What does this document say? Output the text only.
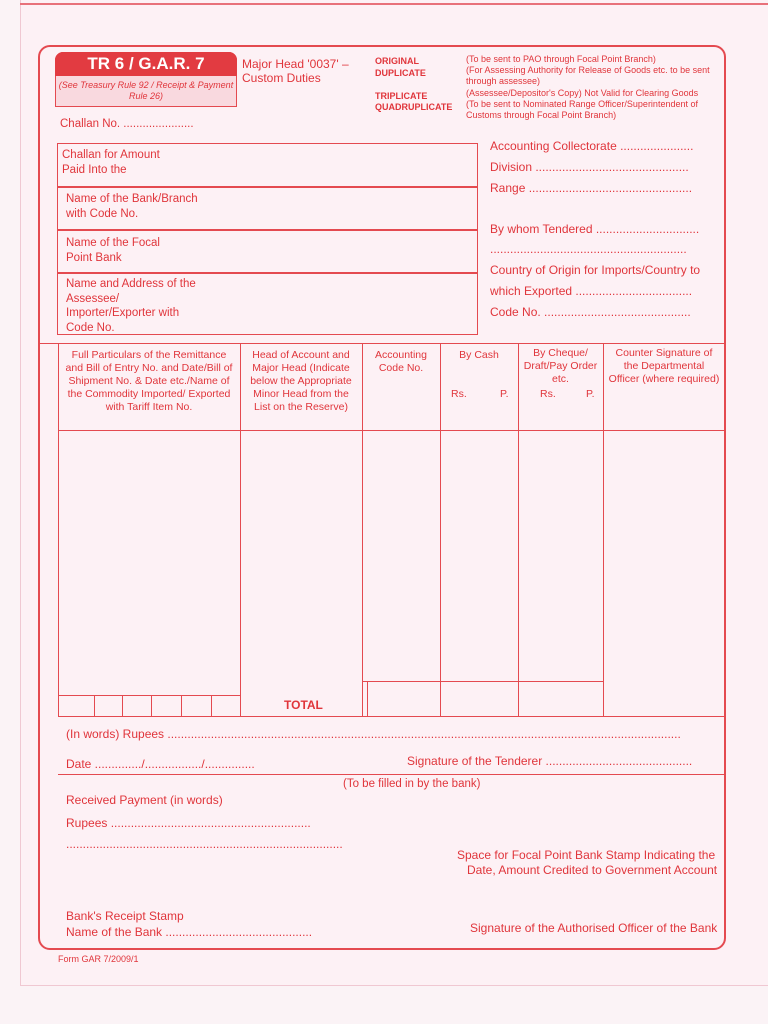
TR 6 / G.A.R. 7
(See Treasury Rule 92 / Receipt & Payment Rule 26)
Major Head '0037' – Custom Duties
ORIGINAL
DUPLICATE
TRIPLICATE
QUADRUPLICATE
(To be sent to PAO through Focal Point Branch)
(For Assessing Authority for Release of Goods etc. to be sent through assessee)
(Assessee/Depositor's Copy) Not Valid for Clearing Goods
(To be sent to Nominated Range Officer/Superintendent of Customs through Focal Point Branch)
Challan No. ......................
Challan for Amount Paid Into the
Name of the Bank/Branch with Code No.
Name of the Focal Point Bank
Name and Address of the Assessee/ Importer/Exporter with Code No.
Accounting Collectorate ......................
Division ..............................................
Range .................................................
By whom Tendered ...............................
...........................................................
Country of Origin for Imports/Country to
which Exported ...................................
Code No. ............................................
Full Particulars of the Remittance and Bill of Entry No. and Date/Bill of Shipment No. & Date etc./Name of the Commodity Imported/ Exported with Tariff Item No.
Head of Account and Major Head (Indicate below the Appropriate Minor Head from the List on the Reserve)
Accounting Code No.
By Cash
Rs.	P.
By Cheque/ Draft/Pay Order etc.
Rs.	P.
Counter Signature of the Departmental Officer (where required)
TOTAL
(In words) Rupees ..........................................................................................................................................................
Date ............../................./...............	Signature of the Tenderer ............................................
(To be filled in by the bank)
Received Payment (in words)
Rupees ............................................................
...................................................................................
Space for Focal Point Bank Stamp Indicating the
Date, Amount Credited to Government Account
Bank's Receipt Stamp
Name of the Bank ............................................	Signature of the Authorised Officer of the Bank
Form GAR 7/2009/1
